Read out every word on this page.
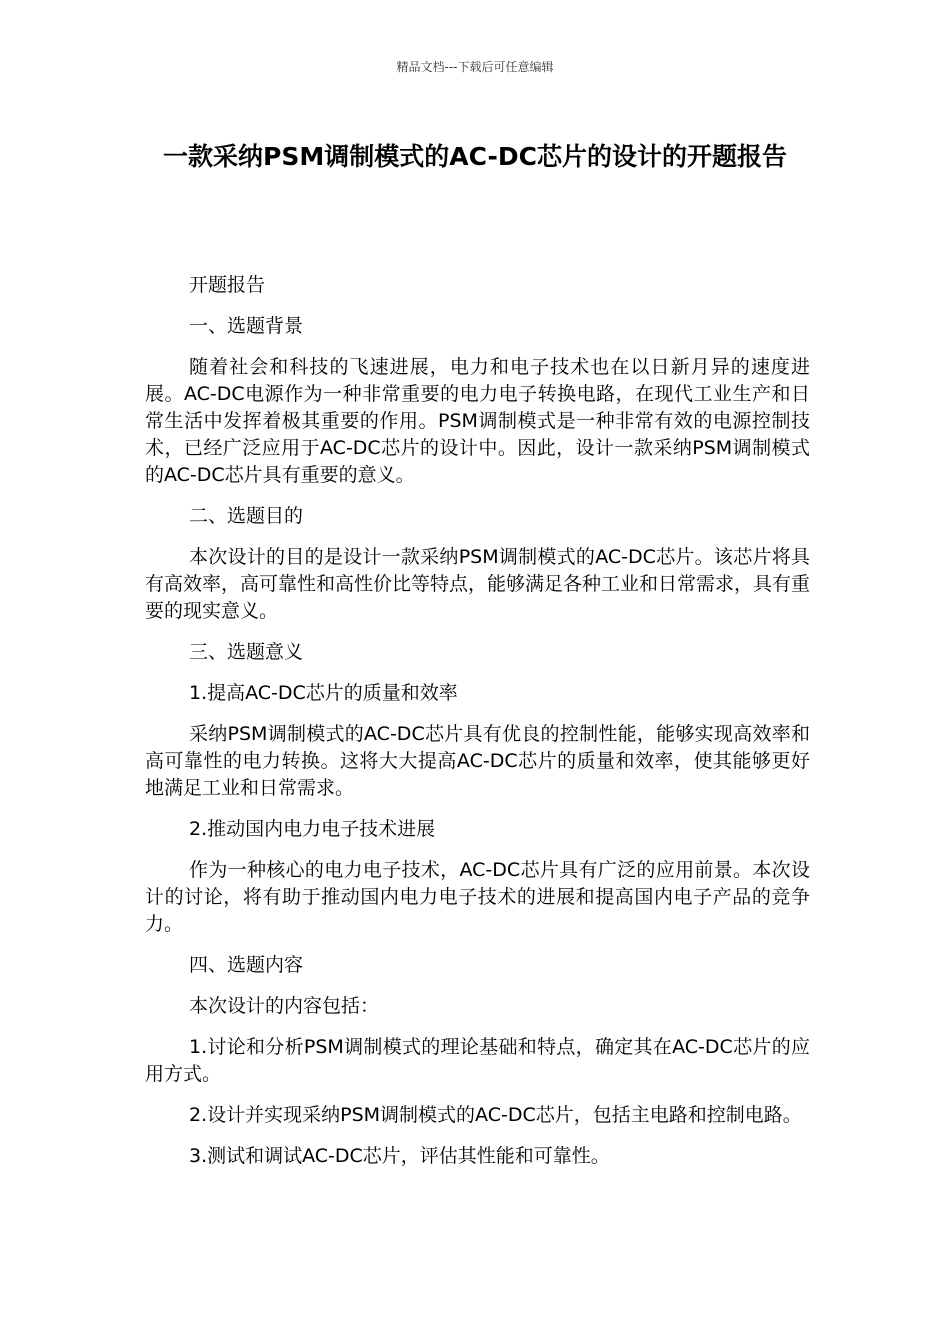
精品文档---下载后可任意编辑
一款采纳PSM调制模式的AC-DC芯片的设计的开题报告

开题报告

一、选题背景

随着社会和科技的飞速进展，电力和电子技术也在以日新月异的速度进展。AC-DC电源作为一种非常重要的电力电子转换电路，在现代工业生产和日常生活中发挥着极其重要的作用。PSM调制模式是一种非常有效的电源控制技术，已经广泛应用于AC-DC芯片的设计中。因此，设计一款采纳PSM调制模式的AC-DC芯片具有重要的意义。

二、选题目的

本次设计的目的是设计一款采纳PSM调制模式的AC-DC芯片。该芯片将具有高效率，高可靠性和高性价比等特点，能够满足各种工业和日常需求，具有重要的现实意义。

三、选题意义

1.提高AC-DC芯片的质量和效率

采纳PSM调制模式的AC-DC芯片具有优良的控制性能，能够实现高效率和高可靠性的电力转换。这将大大提高AC-DC芯片的质量和效率，使其能够更好地满足工业和日常需求。

2.推动国内电力电子技术进展

作为一种核心的电力电子技术，AC-DC芯片具有广泛的应用前景。本次设计的讨论，将有助于推动国内电力电子技术的进展和提高国内电子产品的竞争力。

四、选题内容

本次设计的内容包括：

1.讨论和分析PSM调制模式的理论基础和特点，确定其在AC-DC芯片的应用方式。

2.设计并实现采纳PSM调制模式的AC-DC芯片，包括主电路和控制电路。

3.测试和调试AC-DC芯片，评估其性能和可靠性。
